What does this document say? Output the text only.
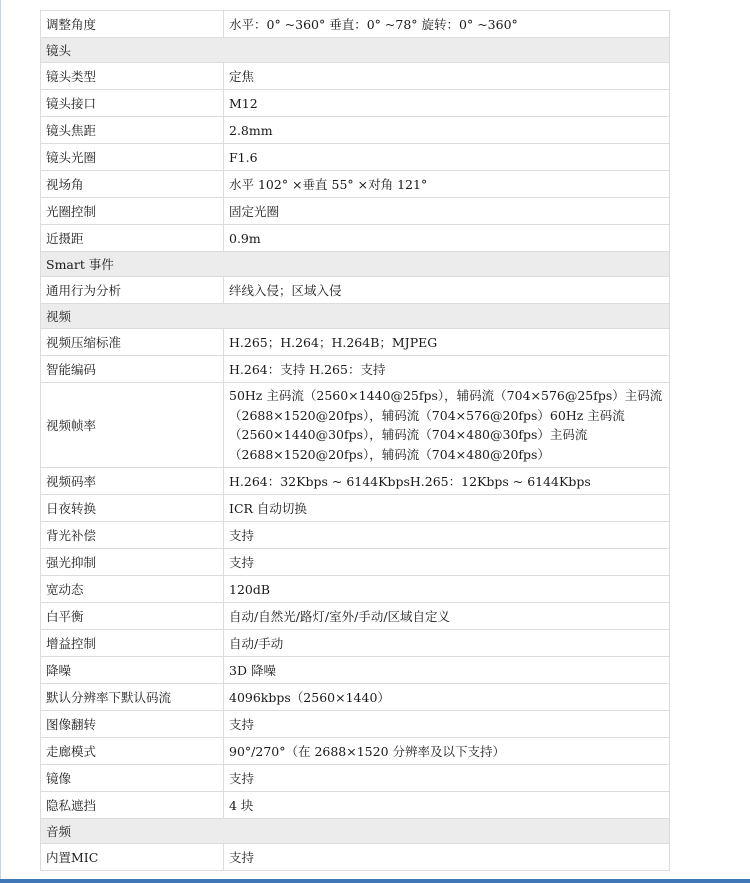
调整角度	水平：0° ~360° 垂直：0° ~78° 旋转：0° ~360°
镜头	
镜头类型	定焦
镜头接口	M12
镜头焦距	2.8mm
镜头光圈	F1.6
视场角	水平 102° ×垂直 55° ×对角 121°
光圈控制	固定光圈
近摄距	0.9m
Smart 事件	
通用行为分析	绊线入侵；区域入侵
视频	
视频压缩标准	H.265；H.264；H.264B；MJPEG
智能编码	H.264：支持 H.265：支持
视频帧率	50Hz 主码流（2560×1440@25fps），辅码流（704×576@25fps）主码流（2688×1520@20fps），辅码流（704×576@20fps）60Hz 主码流（2560×1440@30fps），辅码流（704×480@30fps）主码流（2688×1520@20fps），辅码流（704×480@20fps）
视频码率	H.264：32Kbps ~ 6144KbpsH.265：12Kbps ~ 6144Kbps
日夜转换	ICR 自动切换
背光补偿	支持
强光抑制	支持
宽动态	120dB
白平衡	自动/自然光/路灯/室外/手动/区域自定义
增益控制	自动/手动
降噪	3D 降噪
默认分辨率下默认码流	4096kbps（2560×1440）
图像翻转	支持
走廊模式	90°/270°（在 2688×1520 分辨率及以下支持）
镜像	支持
隐私遮挡	4 块
音频	
内置MIC	支持
